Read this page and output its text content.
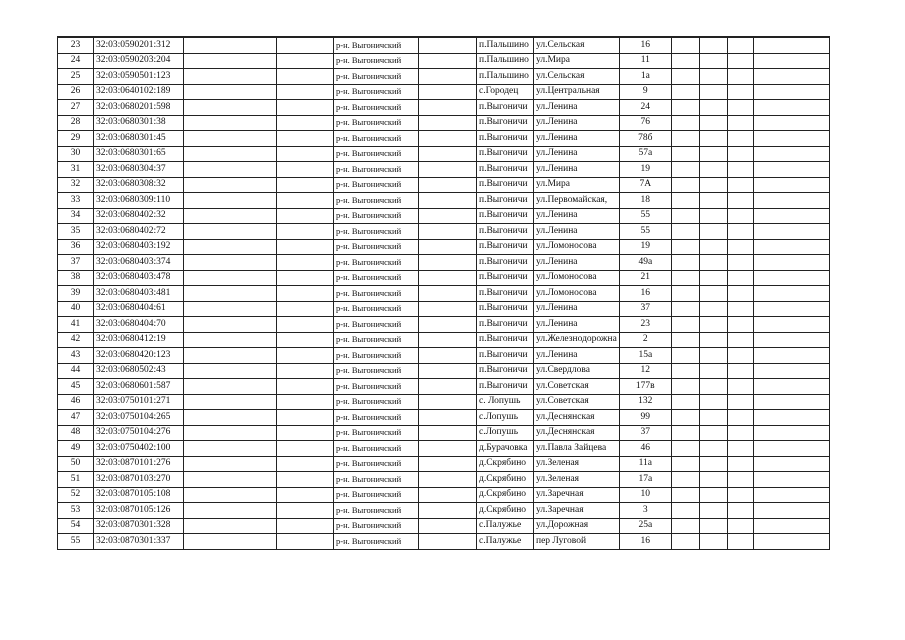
23	32:03:0590201:312			р-н. Выгоничский		п.Пальшино	ул.Сельская	16				
24	32:03:0590203:204			р-н. Выгоничский		п.Пальшино	ул.Мира	11				
25	32:03:0590501:123			р-н. Выгоничский		п.Пальшино	ул.Сельская	1а				
26	32:03:0640102:189			р-н. Выгоничский		с.Городец	ул.Центральная	9				
27	32:03:0680201:598			р-н. Выгоничский		п.Выгоничи	ул.Ленина	24				
28	32:03:0680301:38			р-н. Выгоничский		п.Выгоничи	ул.Ленина	76				
29	32:03:0680301:45			р-н. Выгоничский		п.Выгоничи	ул.Ленина	78б				
30	32:03:0680301:65			р-н. Выгоничский		п.Выгоничи	ул.Ленина	57а				
31	32:03:0680304:37			р-н. Выгоничский		п.Выгоничи	ул.Ленина	19				
32	32:03:0680308:32			р-н. Выгоничский		п.Выгоничи	ул.Мира	7А				
33	32:03:0680309:110			р-н. Выгоничский		п.Выгоничи	ул.Первомайская,	18				
34	32:03:0680402:32			р-н. Выгоничский		п.Выгоничи	ул.Ленина	55				
35	32:03:0680402:72			р-н. Выгоничский		п.Выгоничи	ул.Ленина	55				
36	32:03:0680403:192			р-н. Выгоничский		п.Выгоничи	ул.Ломоносова	19				
37	32:03:0680403:374			р-н. Выгоничский		п.Выгоничи	ул.Ленина	49а				
38	32:03:0680403:478			р-н. Выгоничский		п.Выгоничи	ул.Ломоносова	21				
39	32:03:0680403:481			р-н. Выгоничский		п.Выгоничи	ул.Ломоносова	16				
40	32:03:0680404:61			р-н. Выгоничский		п.Выгоничи	ул.Ленина	37				
41	32:03:0680404:70			р-н. Выгоничский		п.Выгоничи	ул.Ленина	23				
42	32:03:0680412:19			р-н. Выгоничский		п.Выгоничи	ул.Железнодорожна	2				
43	32:03:0680420:123			р-н. Выгоничский		п.Выгоничи	ул.Ленина	15а				
44	32:03:0680502:43			р-н. Выгоничский		п.Выгоничи	ул.Свердлова	12				
45	32:03:0680601:587			р-н. Выгоничский		п.Выгоничи	ул.Советская	177в				
46	32:03:0750101:271			р-н. Выгоничский		с. Лопушь	ул.Советская	132				
47	32:03:0750104:265			р-н. Выгоничский		с.Лопушь	ул.Деснянская	99				
48	32:03:0750104:276			р-н. Выгоничский		с.Лопушь	ул.Деснянская	37				
49	32:03:0750402:100			р-н. Выгоничский		д.Бурачовка	ул.Павла Зайцева	46				
50	32:03:0870101:276			р-н. Выгоничский		д.Скрябино	ул.Зеленая	11а				
51	32:03:0870103:270			р-н. Выгоничский		д.Скрябино	ул.Зеленая	17а				
52	32:03:0870105:108			р-н. Выгоничский		д.Скрябино	ул.Заречная	10				
53	32:03:0870105:126			р-н. Выгоничский		д.Скрябино	ул.Заречная	3				
54	32:03:0870301:328			р-н. Выгоничский		с.Палужье	ул.Дорожная	25а				
55	32:03:0870301:337			р-н. Выгоничский		с.Палужье	пер Луговой	16				
